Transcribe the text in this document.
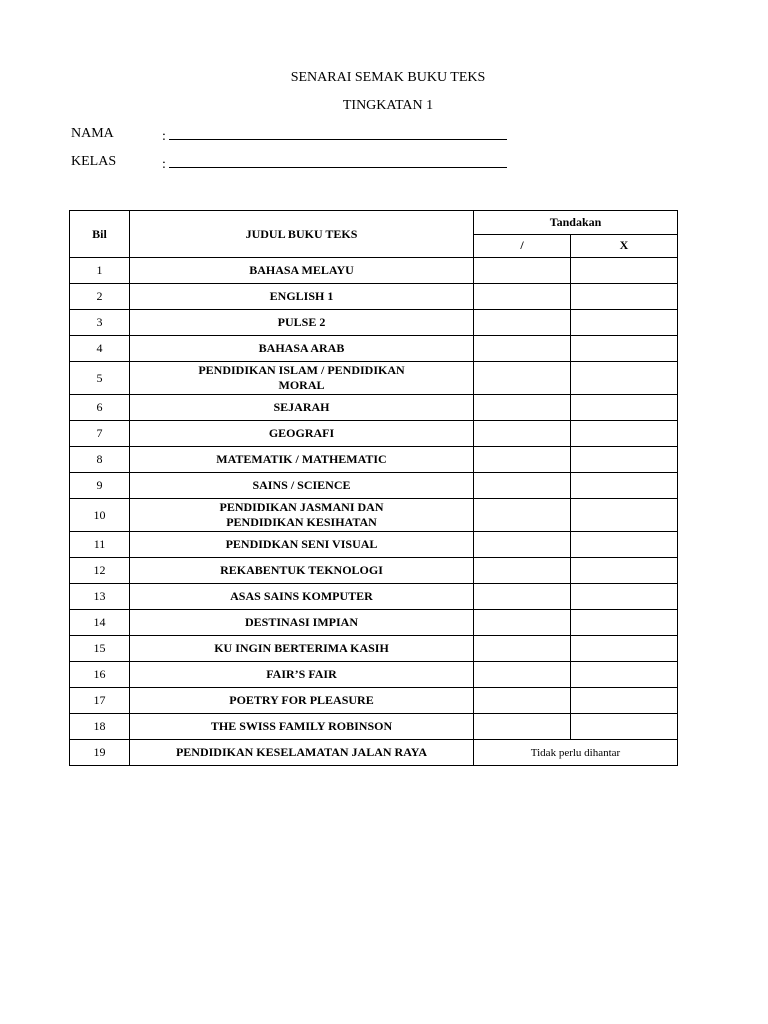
SENARAI SEMAK BUKU TEKS
TINGKATAN 1
NAMA	:
KELAS	:
Bil	JUDUL BUKU TEKS	Tandakan	
		/	X
1	BAHASA MELAYU		
2	ENGLISH 1		
3	PULSE 2		
4	BAHASA ARAB		
5	PENDIDIKAN ISLAM / PENDIDIKAN MORAL		
6	SEJARAH		
7	GEOGRAFI		
8	MATEMATIK / MATHEMATIC		
9	SAINS / SCIENCE		
10	PENDIDIKAN JASMANI DAN PENDIDIKAN KESIHATAN		
11	PENDIDKAN SENI VISUAL		
12	REKABENTUK TEKNOLOGI		
13	ASAS SAINS KOMPUTER		
14	DESTINASI IMPIAN		
15	KU INGIN BERTERIMA KASIH		
16	FAIR’S FAIR		
17	POETRY FOR PLEASURE		
18	THE SWISS FAMILY ROBINSON		
19	PENDIDIKAN KESELAMATAN JALAN RAYA	Tidak perlu dihantar	
